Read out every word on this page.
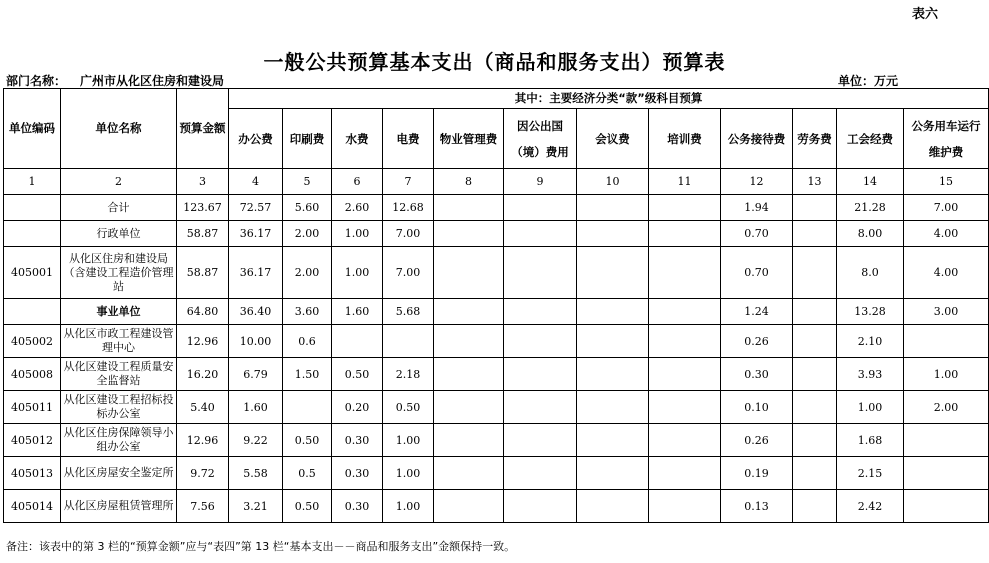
表六
一般公共预算基本支出（商品和服务支出）预算表
部门名称： 广州市从化区住房和建设局	单位：万元
单位编码	单位名称	预算金额	其中：主要经济分类“款”级科目预算											
			办公费	印刷费	水费	电费	物业管理费	因公出国（境）费用	会议费	培训费	公务接待费	劳务费	工会经费	公务用车运行维护费
1	2	3	4	5	6	7	8	9	10	11	12	13	14	15
	合计	123.67	72.57	5.60	2.60	12.68					1.94		21.28	7.00
	行政单位	58.87	36.17	2.00	1.00	7.00					0.70		8.00	4.00
405001	从化区住房和建设局（含建设工程造价管理站	58.87	36.17	2.00	1.00	7.00					0.70		8.0	4.00
	事业单位	64.80	36.40	3.60	1.60	5.68					1.24		13.28	3.00
405002	从化区市政工程建设管理中心	12.96	10.00	0.6							0.26		2.10	
405008	从化区建设工程质量安全监督站	16.20	6.79	1.50	0.50	2.18					0.30		3.93	1.00
405011	从化区建设工程招标投标办公室	5.40	1.60		0.20	0.50					0.10		1.00	2.00
405012	从化区住房保障领导小组办公室	12.96	9.22	0.50	0.30	1.00					0.26		1.68	
405013	从化区房屋安全鉴定所	9.72	5.58	0.5	0.30	1.00					0.19		2.15	
405014	从化区房屋租赁管理所	7.56	3.21	0.50	0.30	1.00					0.13		2.42	
备注：该表中的第 3 栏的“预算金额”应与“表四”第 13 栏“基本支出－－商品和服务支出”金额保持一致。
